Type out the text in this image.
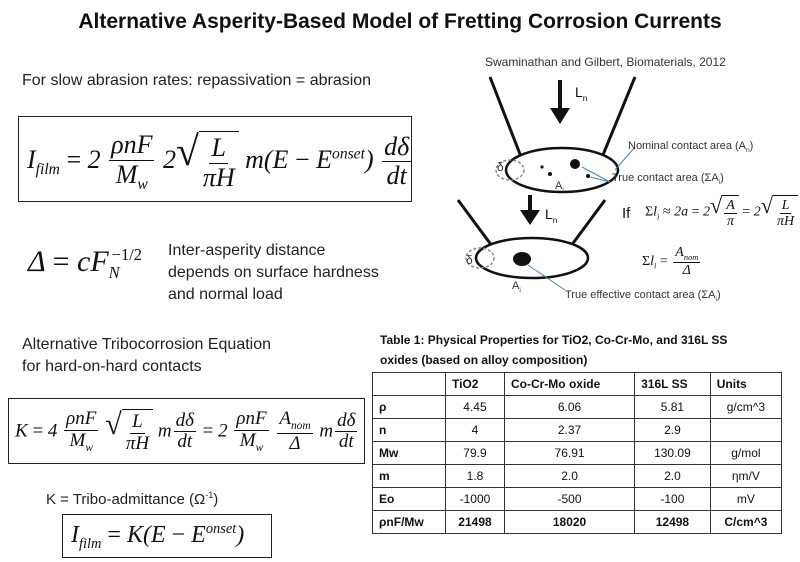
Alternative Asperity-Based Model of Fretting Corrosion Currents
Swaminathan and Gilbert, Biomaterials, 2012
For slow abrasion rates: repassivation = abrasion
$I_{film} = 2 \frac{\text{ρnF}}{M_w} 2$ √ $\frac{L}{\pi H} m(E - E^{onset}) \frac{d\delta}{dt}$
$\Delta = cF_N^{-1/2}$	Inter-asperity distance
depends on surface hardness
and normal load
Alternative Tribocorrosion Equation
for hard-on-hard contacts
$K = 4 \frac{\text{ρnF}}{M_w}$
√ $\frac{L}{\pi H}$ m $\frac{d\delta}{dt} = 2 \frac{\text{ρnF}}{M_w}$
$\frac{A_{nom}}{\Delta}$ m $\frac{d\delta}{dt}$
K = Tribo-admittance $(\Omega^{-1})$
$I_{film} = K(E - E^{onset})$
$L_n$
δ
$A_i$
Nominal contact area $(A_n)$
True contact area $(\Sigma A_i)$
$L_n$
δ
$A_i$	True effective contact area $(\Sigma A_i)$
If $\Sigma l_i \approx 2a = 2$ √ $\frac{A}{\pi} = 2$ √ $\frac{L}{\pi H}$
$\Sigma l_i = \frac{A_{nom}}{\Delta}$
Table 1: Physical Properties for TiO2, Co-Cr-Mo, and 316L SS
oxides (based on alloy composition)
	TiO2	Co-Cr-Mo oxide	316L SS	Units
ρ	4.45	6.06	5.81	g/cm^3
n	4	2.37	2.9	
Mw	79.9	76.91	130.09	g/mol
m	1.8	2.0	2.0	ηm/V
Eo	-1000	-500	-100	mV
ρnF/Mw	21498	18020	12498	C/cm^3
